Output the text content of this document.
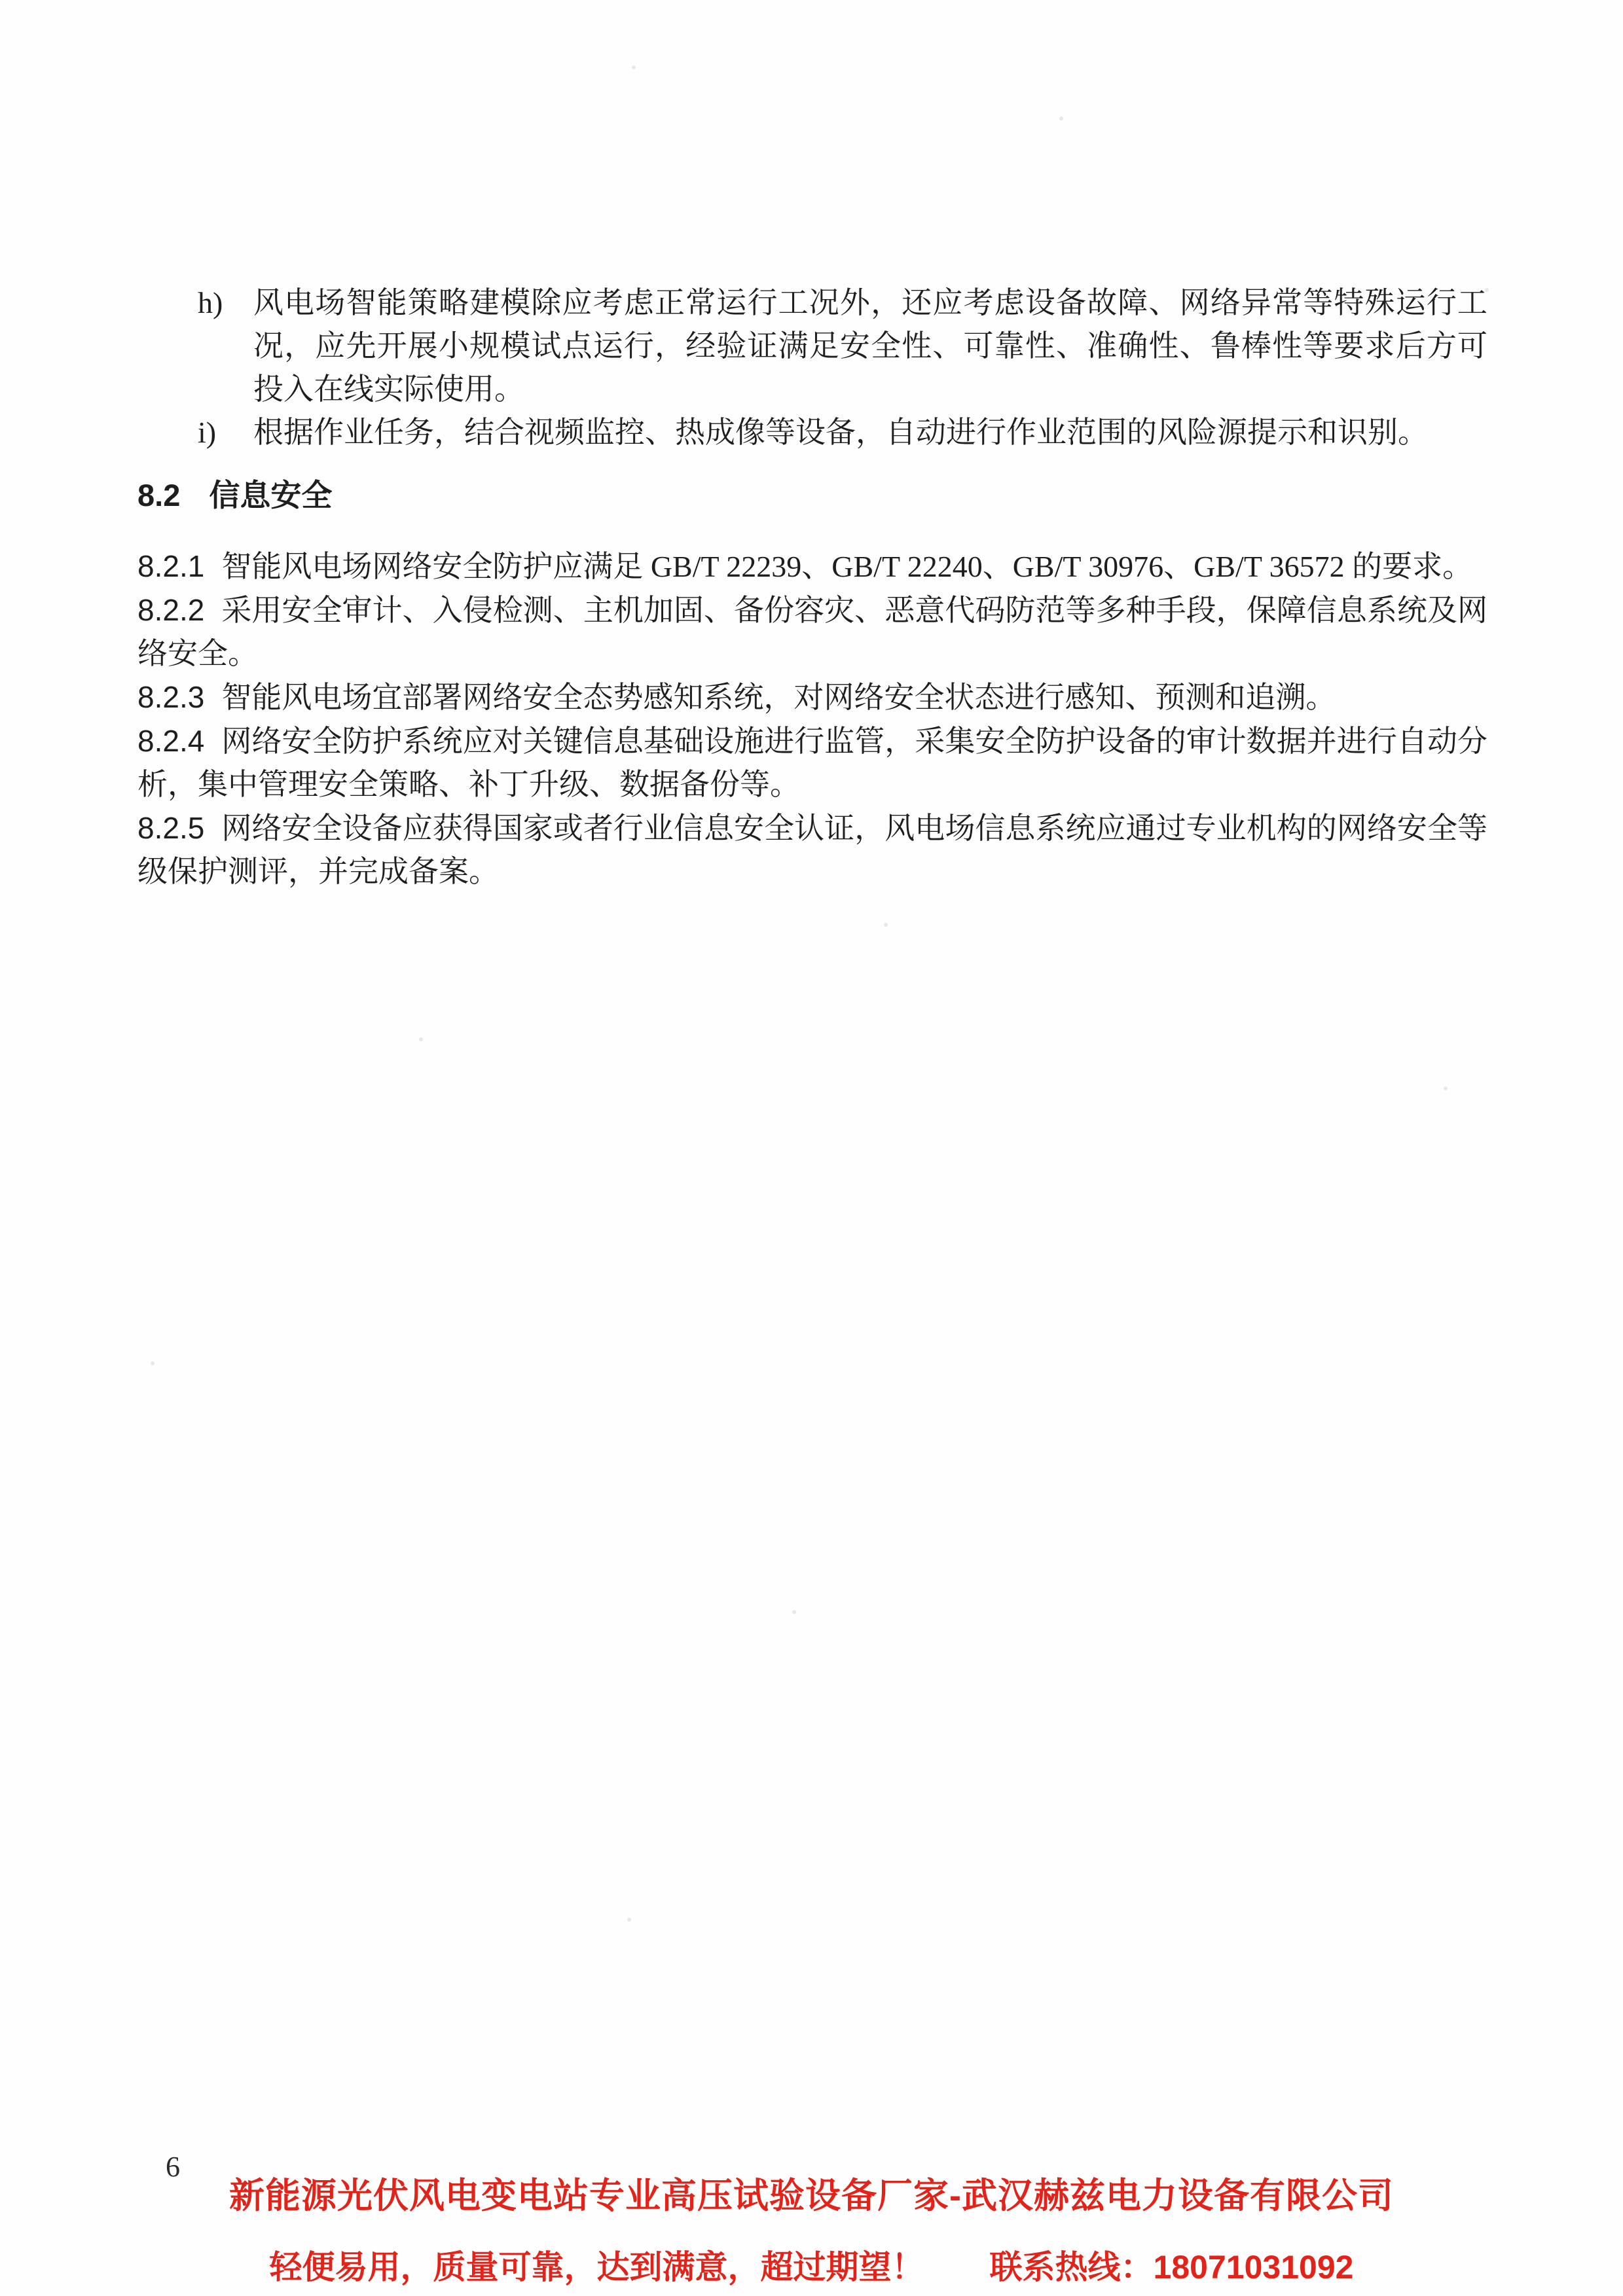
h) 风电场智能策略建模除应考虑正常运行工况外，还应考虑设备故障、网络异常等特殊运行工况，应先开展小规模试点运行，经验证满足安全性、可靠性、准确性、鲁棒性等要求后方可投入在线实际使用。
i) 根据作业任务，结合视频监控、热成像等设备，自动进行作业范围的风险源提示和识别。
8.2 信息安全

8.2.1 智能风电场网络安全防护应满足 GB/T 22239、GB/T 22240、GB/T 30976、GB/T 36572 的要求。

8.2.2 采用安全审计、入侵检测、主机加固、备份容灾、恶意代码防范等多种手段，保障信息系统及网络安全。

8.2.3 智能风电场宜部署网络安全态势感知系统，对网络安全状态进行感知、预测和追溯。

8.2.4 网络安全防护系统应对关键信息基础设施进行监管，采集安全防护设备的审计数据并进行自动分析，集中管理安全策略、补丁升级、数据备份等。

8.2.5 网络安全设备应获得国家或者行业信息安全认证，风电场信息系统应通过专业机构的网络安全等级保护测评，并完成备案。

6
新能源光伏风电变电站专业高压试验设备厂家-武汉赫兹电力设备有限公司
轻便易用，质量可靠，达到满意，超过期望！ 联系热线：18071031092
